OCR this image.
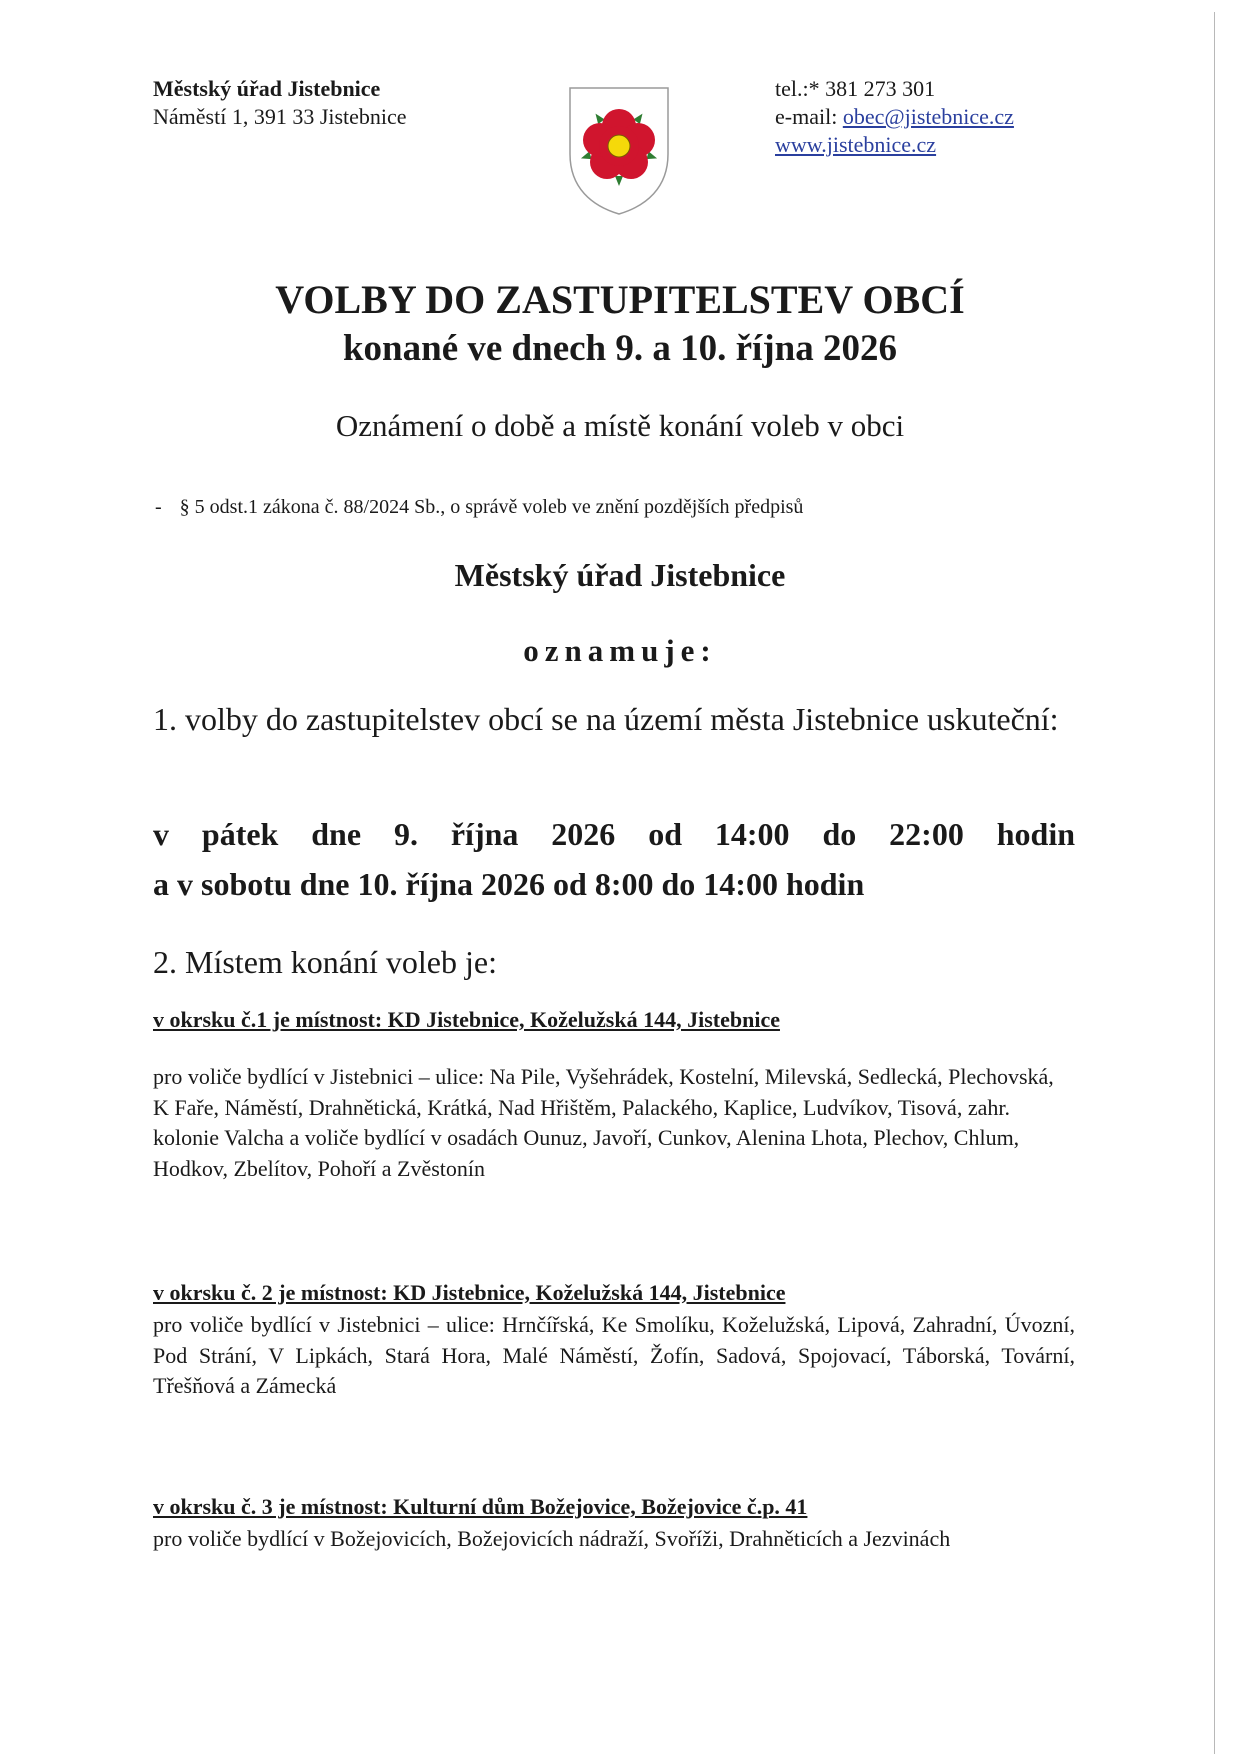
Městský úřad Jistebnice
Náměstí 1, 391 33 Jistebnice
tel.:* 381 273 301
e-mail: obec@jistebnice.cz
www.jistebnice.cz
VOLBY DO ZASTUPITELSTEV OBCÍ
konané ve dnech 9. a 10. října 2026
Oznámení o době a místě konání voleb v obci
- § 5 odst.1 zákona č. 88/2024 Sb., o správě voleb ve znění pozdějších předpisů
Městský úřad Jistebnice
oznamuje:
1. volby do zastupitelstev obcí se na území města Jistebnice uskuteční:
v pátek dne 9. října 2026 od 14:00 do 22:00 hodin
a v sobotu dne 10. října 2026 od 8:00 do 14:00 hodin
2. Místem konání voleb je:
v okrsku č.1 je místnost: KD Jistebnice, Koželužská 144, Jistebnice
pro voliče bydlící v Jistebnici – ulice: Na Pile, Vyšehrádek, Kostelní, Milevská, Sedlecká, Plechovská, K Faře, Náměstí, Drahnětická, Krátká, Nad Hřištěm, Palackého, Kaplice, Ludvíkov, Tisová, zahr. kolonie Valcha a voliče bydlící v osadách Ounuz, Javoří, Cunkov, Alenina Lhota, Plechov, Chlum, Hodkov, Zbelítov, Pohoří a Zvěstonín
v okrsku č. 2 je místnost: KD Jistebnice, Koželužská 144, Jistebnice
pro voliče bydlící v Jistebnici – ulice: Hrnčířská, Ke Smolíku, Koželužská, Lipová, Zahradní, Úvozní, Pod Strání, V Lipkách, Stará Hora, Malé Náměstí, Žofín, Sadová, Spojovací, Táborská, Tovární, Třešňová a Zámecká
v okrsku č. 3 je místnost: Kulturní dům Božejovice, Božejovice č.p. 41
pro voliče bydlící v Božejovicích, Božejovicích nádraží, Svoříži, Drahněticích a Jezvinách
